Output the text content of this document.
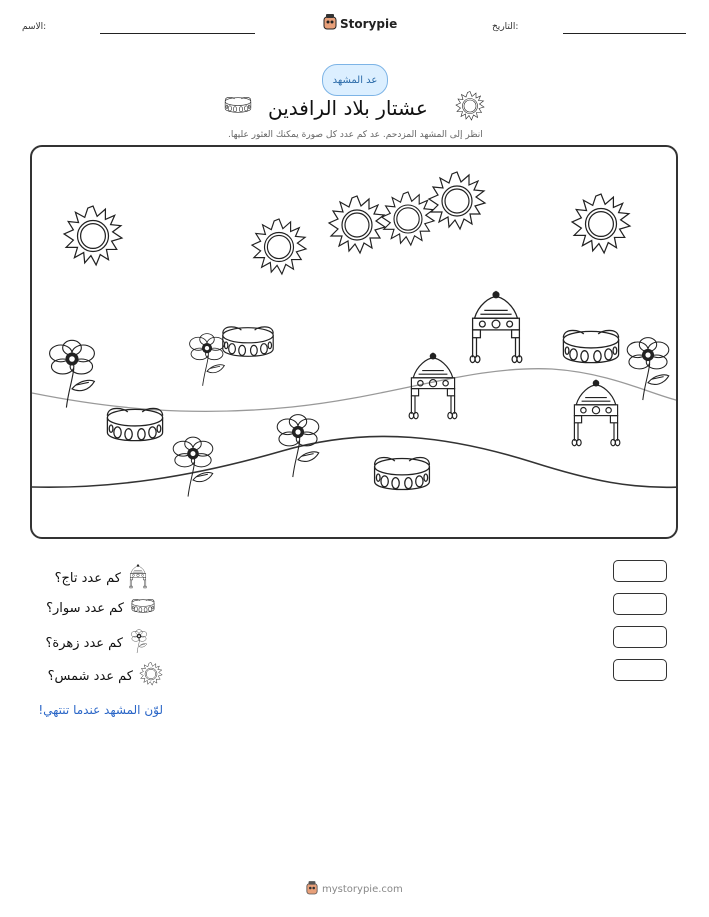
الاسم:	Storypie	التاريخ:
عد المشهد
عشتار بلاد الرافدين
انظر إلى المشهد المزدحم. عد كم عدد كل صورة يمكنك العثور عليها.
كم عدد تاج؟
كم عدد سوار؟
كم عدد زهرة؟
كم عدد شمس؟
لوّن المشهد عندما تنتهي!
mystorypie.com
